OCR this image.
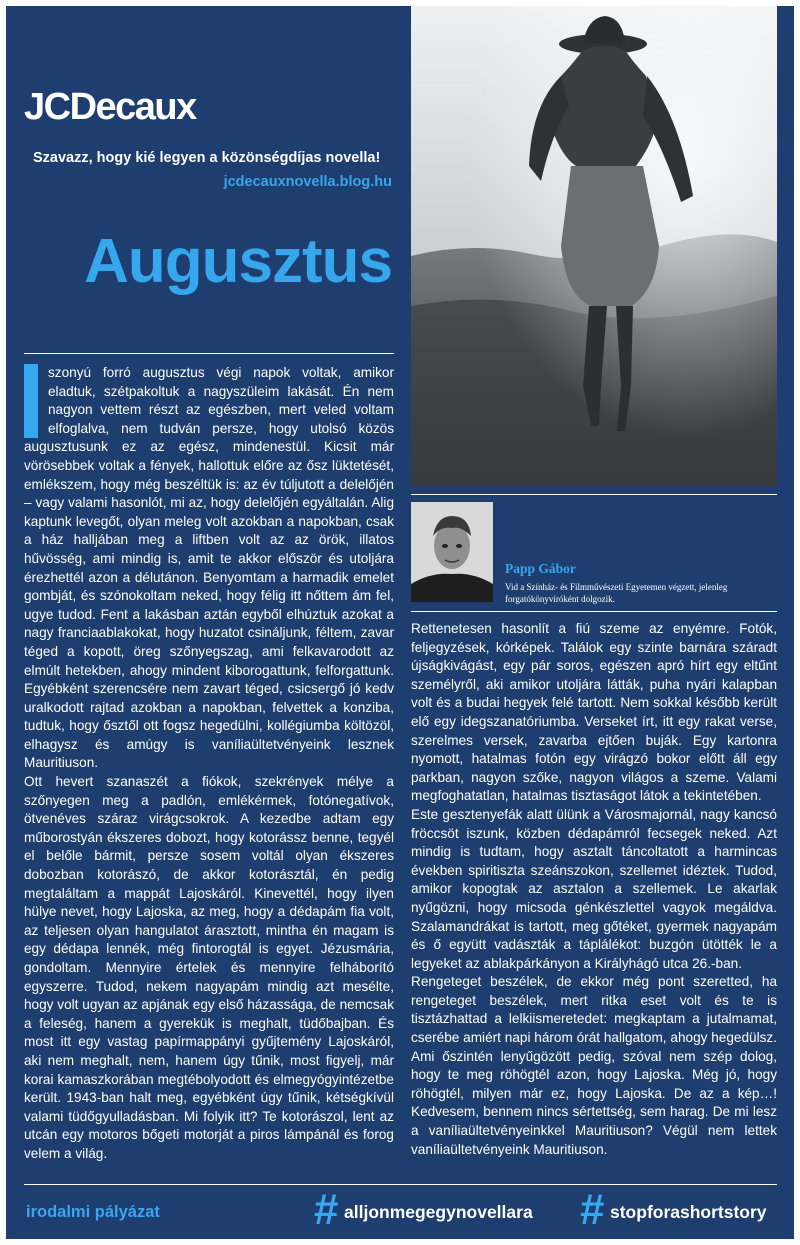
JCDecaux
Szavazz, hogy kié legyen a közönségdíjas novella!
jcdecauxnovella.blog.hu
Augusztus
Papp Gábor
Vid a Színház- és Filmművészeti Egyetemen végzett, jelenleg forgatókönyvíróként dolgozik.

szonyú forró augusztus végi napok voltak, amikor eladtuk, szétpakoltuk a nagyszüleim lakását. Én nem nagyon vettem részt az egészben, mert veled voltam elfoglalva, nem tudván persze, hogy utolsó közös augusztusunk ez az egész, mindenestül. Kicsit már vörösebbek voltak a fények, hallottuk előre az ősz lüktetését, emlékszem, hogy még beszéltük is: az év túljutott a delelőjén – vagy valami hasonlót, mi az, hogy delelőjén egyáltalán. Alig kaptunk levegőt, olyan meleg volt azokban a napokban, csak a ház halljában meg a liftben volt az az örök, illatos hűvösség, ami mindig is, amit te akkor először és utoljára érezhettél azon a délutánon. Benyomtam a harmadik emelet gombját, és szónokoltam neked, hogy félig itt nőttem ám fel, ugye tudod. Fent a lakásban aztán egyből elhúztuk azokat a nagy franciaablakokat, hogy huzatot csináljunk, féltem, zavar téged a kopott, öreg szőnyegszag, ami felkavarodott az elmúlt hetekben, ahogy mindent kiborogattunk, felforgattunk. Egyébként szerencsére nem zavart téged, csicsergő jó kedv uralkodott rajtad azokban a napokban, felvettek a konziba, tudtuk, hogy ősztől ott fogsz hegedülni, kollégiumba költözöl, elhagysz és amúgy is vaníliaültetvényeink lesznek Mauritiuson.

Ott hevert szanaszét a fiókok, szekrények mélye a szőnyegen meg a padlón, emlékérmek, fotónegatívok, ötvenéves száraz virágcsokrok. A kezedbe adtam egy műborostyán ékszeres dobozt, hogy kotorássz benne, tegyél el belőle bármit, persze sosem voltál olyan ékszeres dobozban kotorászó, de akkor kotorásztál, én pedig megtaláltam a mappát Lajoskáról. Kinevettél, hogy ilyen hülye nevet, hogy Lajoska, az meg, hogy a dédapám fia volt, az teljesen olyan hangulatot árasztott, mintha én magam is egy dédapa lennék, még fintorogtál is egyet. Jézusmária, gondoltam. Mennyire értelek és mennyire felháborító egyszerre. Tudod, nekem nagyapám mindig azt mesélte, hogy volt ugyan az apjának egy első házassága, de nemcsak a feleség, hanem a gyerekük is meghalt, tüdőbajban. És most itt egy vastag papírmappányi gyűjtemény Lajoskáról, aki nem meghalt, nem, hanem úgy tűnik, most figyelj, már korai kamaszkorában megtébolyodott és elmegyógyintézetbe került. 1943-ban halt meg, egyébként úgy tűnik, kétségkívül valami tüdőgyulladásban. Mi folyik itt? Te kotorászol, lent az utcán egy motoros bőgeti motorját a piros lámpánál és forog velem a világ.

Rettenetesen hasonlít a fiú szeme az enyémre. Fotók, feljegyzések, kórképek. Találok egy szinte barnára száradt újságkivágást, egy pár soros, egészen apró hírt egy eltűnt személyről, aki amikor utoljára látták, puha nyári kalapban volt és a budai hegyek felé tartott. Nem sokkal később került elő egy idegszanatóriumba. Verseket írt, itt egy rakat verse, szerelmes versek, zavarba ejtően buják. Egy kartonra nyomott, hatalmas fotón egy virágzó bokor előtt áll egy parkban, nagyon szőke, nagyon világos a szeme. Valami megfoghatatlan, hatalmas tisztaságot látok a tekintetében.

Este gesztenyefák alatt ülünk a Városmajornál, nagy kancsó fröccsöt iszunk, közben dédapámról fecsegek neked. Azt mindig is tudtam, hogy asztalt táncoltatott a harmincas években spiritiszta szeánszokon, szellemet idéztek. Tudod, amikor kopogtak az asztalon a szellemek. Le akarlak nyűgözni, hogy micsoda génkészlettel vagyok megáldva. Szalamandrákat is tartott, meg gőtéket, gyermek nagyapám és ő együtt vadászták a táplálékot: buzgón ütötték le a legyeket az ablakpárkányon a Királyhágó utca 26.-ban.

Rengeteget beszélek, de ekkor még pont szeretted, ha rengeteget beszélek, mert ritka eset volt és te is tisztázhattad a lelkiismeretedet: megkaptam a jutalmamat, cserébe amiért napi három órát hallgatom, ahogy hegedülsz. Ami őszintén lenyűgözött pedig, szóval nem szép dolog, hogy te meg röhögtél azon, hogy Lajoska. Még jó, hogy röhögtél, milyen már ez, hogy Lajoska. De az a kép…! Kedvesem, bennem nincs sértettség, sem harag. De mi lesz a vaníliaültetvényeinkkel Mauritiuson? Végül nem lettek vaníliaültetvényeink Mauritiuson.

irodalmi pályázat	# alljonmegegynovellara # stopforashortstory
